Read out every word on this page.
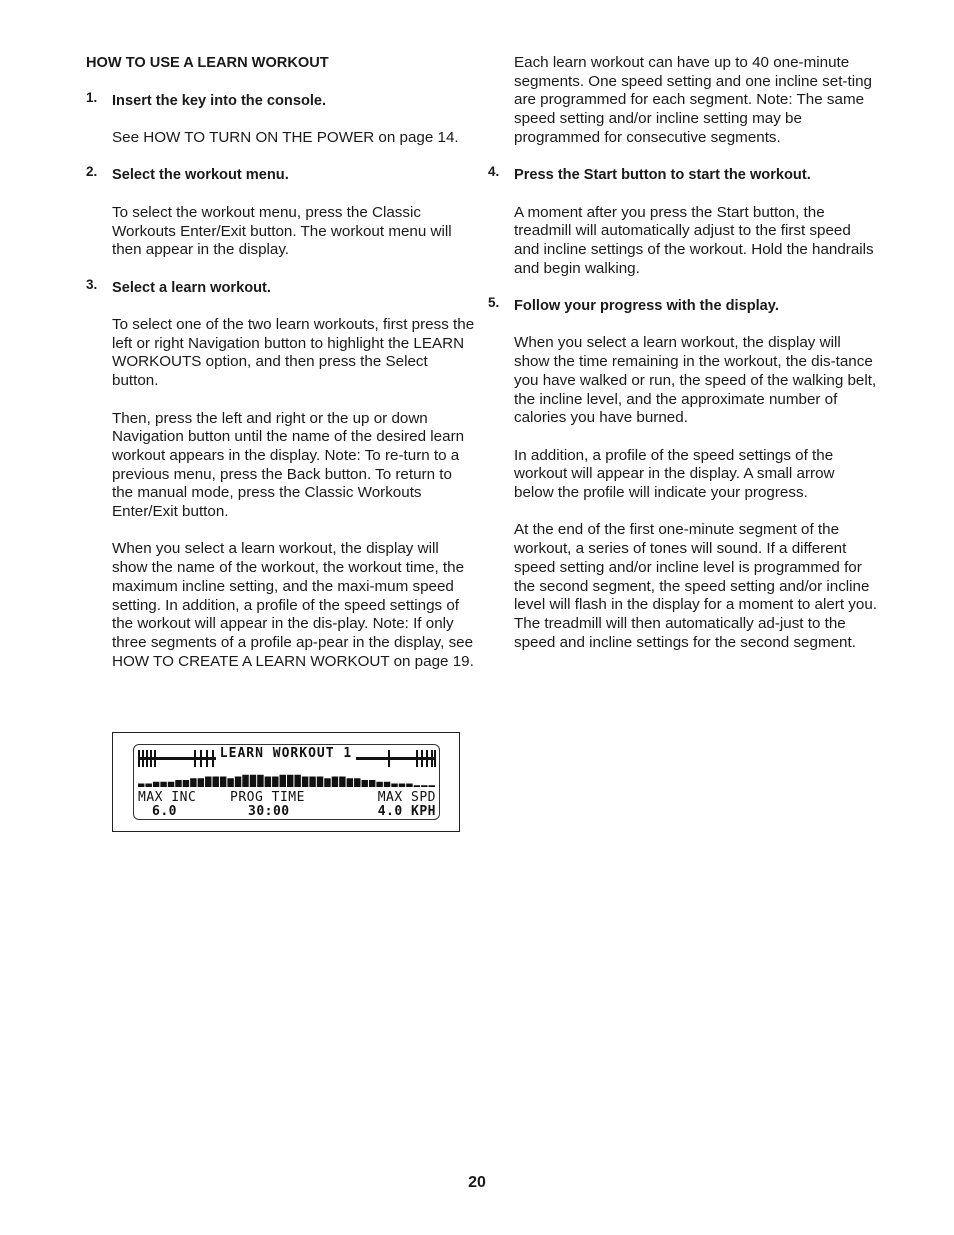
HOW TO USE A LEARN WORKOUT
1. Insert the key into the console.

See HOW TO TURN ON THE POWER on page 14.

2. Select the workout menu.

To select the workout menu, press the Classic Workouts Enter/Exit button. The workout menu will then appear in the display.

3. Select a learn workout.

To select one of the two learn workouts, first press the left or right Navigation button to highlight the LEARN WORKOUTS option, and then press the Select button.

Then, press the left and right or the up or down Navigation button until the name of the desired learn workout appears in the display. Note: To re-turn to a previous menu, press the Back button. To return to the manual mode, press the Classic Workouts Enter/Exit button.

When you select a learn workout, the display will show the name of the workout, the workout time, the maximum incline setting, and the maxi-mum speed setting. In addition, a profile of the speed settings of the workout will appear in the dis-play. Note: If only three segments of a profile ap-pear in the display, see HOW TO CREATE A LEARN WORKOUT on page 19.

LEARN WORKOUT 1
MAX INC	PROG TIME	MAX SPD
6.0	30:00	4.0 KPH

Each learn workout can have up to 40 one-minute segments. One speed setting and one incline set-ting are programmed for each segment. Note: The same speed setting and/or incline setting may be programmed for consecutive segments.

4. Press the Start button to start the workout.

A moment after you press the Start button, the treadmill will automatically adjust to the first speed and incline settings of the workout. Hold the handrails and begin walking.

5. Follow your progress with the display.

When you select a learn workout, the display will show the time remaining in the workout, the dis-tance you have walked or run, the speed of the walking belt, the incline level, and the approximate number of calories you have burned.

In addition, a profile of the speed settings of the workout will appear in the display. A small arrow below the profile will indicate your progress.

At the end of the first one-minute segment of the workout, a series of tones will sound. If a different speed setting and/or incline level is programmed for the second segment, the speed setting and/or incline level will flash in the display for a moment to alert you. The treadmill will then automatically ad-just to the speed and incline settings for the second segment.

20
